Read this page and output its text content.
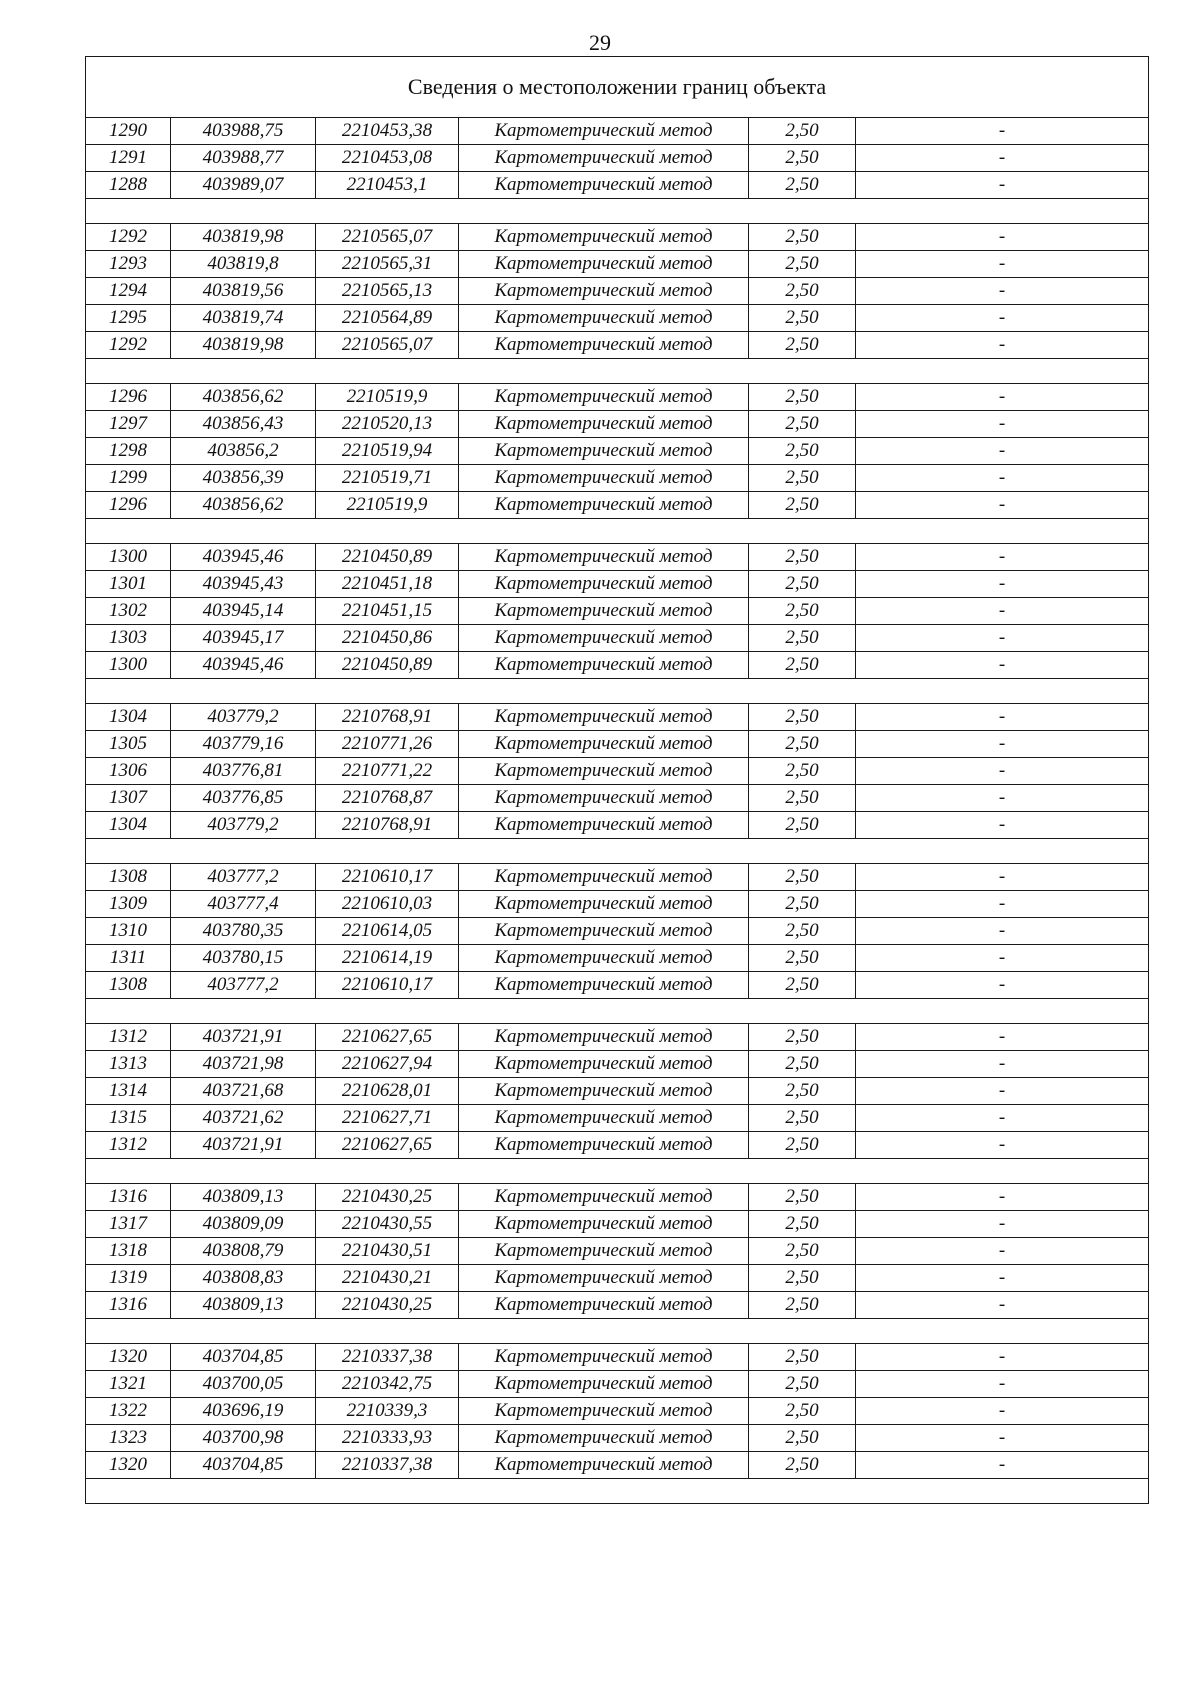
29
Сведения о местоположении границ объекта					
1290	403988,75	2210453,38	Картометрический метод	2,50	-
1291	403988,77	2210453,08	Картометрический метод	2,50	-
1288	403989,07	2210453,1	Картометрический метод	2,50	-

1292	403819,98	2210565,07	Картометрический метод	2,50	-
1293	403819,8	2210565,31	Картометрический метод	2,50	-
1294	403819,56	2210565,13	Картометрический метод	2,50	-
1295	403819,74	2210564,89	Картометрический метод	2,50	-
1292	403819,98	2210565,07	Картометрический метод	2,50	-

1296	403856,62	2210519,9	Картометрический метод	2,50	-
1297	403856,43	2210520,13	Картометрический метод	2,50	-
1298	403856,2	2210519,94	Картометрический метод	2,50	-
1299	403856,39	2210519,71	Картометрический метод	2,50	-
1296	403856,62	2210519,9	Картометрический метод	2,50	-

1300	403945,46	2210450,89	Картометрический метод	2,50	-
1301	403945,43	2210451,18	Картометрический метод	2,50	-
1302	403945,14	2210451,15	Картометрический метод	2,50	-
1303	403945,17	2210450,86	Картометрический метод	2,50	-
1300	403945,46	2210450,89	Картометрический метод	2,50	-

1304	403779,2	2210768,91	Картометрический метод	2,50	-
1305	403779,16	2210771,26	Картометрический метод	2,50	-
1306	403776,81	2210771,22	Картометрический метод	2,50	-
1307	403776,85	2210768,87	Картометрический метод	2,50	-
1304	403779,2	2210768,91	Картометрический метод	2,50	-

1308	403777,2	2210610,17	Картометрический метод	2,50	-
1309	403777,4	2210610,03	Картометрический метод	2,50	-
1310	403780,35	2210614,05	Картометрический метод	2,50	-
1311	403780,15	2210614,19	Картометрический метод	2,50	-
1308	403777,2	2210610,17	Картометрический метод	2,50	-

1312	403721,91	2210627,65	Картометрический метод	2,50	-
1313	403721,98	2210627,94	Картометрический метод	2,50	-
1314	403721,68	2210628,01	Картометрический метод	2,50	-
1315	403721,62	2210627,71	Картометрический метод	2,50	-
1312	403721,91	2210627,65	Картометрический метод	2,50	-

1316	403809,13	2210430,25	Картометрический метод	2,50	-
1317	403809,09	2210430,55	Картометрический метод	2,50	-
1318	403808,79	2210430,51	Картометрический метод	2,50	-
1319	403808,83	2210430,21	Картометрический метод	2,50	-
1316	403809,13	2210430,25	Картометрический метод	2,50	-

1320	403704,85	2210337,38	Картометрический метод	2,50	-
1321	403700,05	2210342,75	Картометрический метод	2,50	-
1322	403696,19	2210339,3	Картометрический метод	2,50	-
1323	403700,98	2210333,93	Картометрический метод	2,50	-
1320	403704,85	2210337,38	Картометрический метод	2,50	-
